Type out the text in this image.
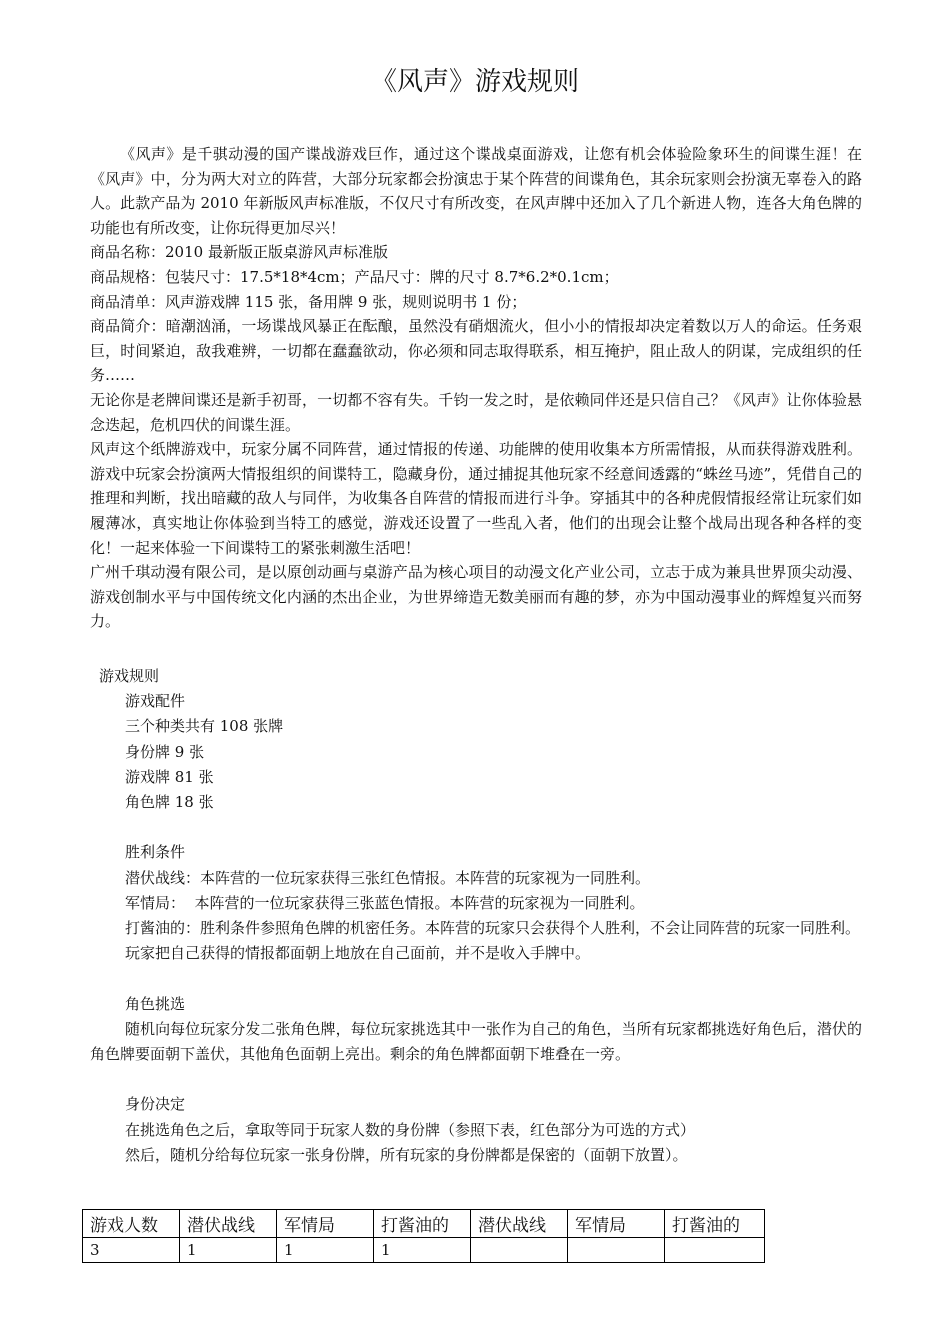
《风声》游戏规则

《风声》是千骐动漫的国产谍战游戏巨作，通过这个谍战桌面游戏，让您有机会体验险象环生的间谍生涯！在《风声》中，分为两大对立的阵营，大部分玩家都会扮演忠于某个阵营的间谍角色，其余玩家则会扮演无辜卷入的路人。此款产品为 2010 年新版风声标准版，不仅尺寸有所改变，在风声牌中还加入了几个新进人物，连各大角色牌的功能也有所改变，让你玩得更加尽兴！

商品名称：2010 最新版正版桌游风声标准版

商品规格：包装尺寸：17.5*18*4cm；产品尺寸：牌的尺寸 8.7*6.2*0.1cm；

商品清单：风声游戏牌 115 张，备用牌 9 张，规则说明书 1 份；

商品简介：暗潮汹涌，一场谍战风暴正在酝酿，虽然没有硝烟流火，但小小的情报却决定着数以万人的命运。任务艰巨，时间紧迫，敌我难辨，一切都在蠢蠢欲动，你必须和同志取得联系，相互掩护，阻止敌人的阴谋，完成组织的任务……

无论你是老牌间谍还是新手初哥，一切都不容有失。千钧一发之时，是依赖同伴还是只信自己？《风声》让你体验悬念迭起，危机四伏的间谍生涯。

风声这个纸牌游戏中，玩家分属不同阵营，通过情报的传递、功能牌的使用收集本方所需情报，从而获得游戏胜利。游戏中玩家会扮演两大情报组织的间谍特工，隐藏身份，通过捕捉其他玩家不经意间透露的“蛛丝马迹”，凭借自己的推理和判断，找出暗藏的敌人与同伴，为收集各自阵营的情报而进行斗争。穿插其中的各种虎假情报经常让玩家们如履薄冰，真实地让你体验到当特工的感觉，游戏还设置了一些乱入者，他们的出现会让整个战局出现各种各样的变化！一起来体验一下间谍特工的紧张刺激生活吧！

广州千琪动漫有限公司，是以原创动画与桌游产品为核心项目的动漫文化产业公司，立志于成为兼具世界顶尖动漫、游戏创制水平与中国传统文化内涵的杰出企业，为世界缔造无数美丽而有趣的梦，亦为中国动漫事业的辉煌复兴而努力。

游戏规则

游戏配件

三个种类共有 108 张牌

身份牌 9 张

游戏牌 81 张

角色牌 18 张

胜利条件

潜伏战线：本阵营的一位玩家获得三张红色情报。本阵营的玩家视为一同胜利。

军情局：  本阵营的一位玩家获得三张蓝色情报。本阵营的玩家视为一同胜利。

打酱油的：胜利条件参照角色牌的机密任务。本阵营的玩家只会获得个人胜利，不会让同阵营的玩家一同胜利。

玩家把自己获得的情报都面朝上地放在自己面前，并不是收入手牌中。

角色挑选

随机向每位玩家分发二张角色牌，每位玩家挑选其中一张作为自己的角色，当所有玩家都挑选好角色后，潜伏的角色牌要面朝下盖伏，其他角色面朝上亮出。剩余的角色牌都面朝下堆叠在一旁。

身份决定

在挑选角色之后，拿取等同于玩家人数的身份牌（参照下表，红色部分为可选的方式）

然后，随机分给每位玩家一张身份牌，所有玩家的身份牌都是保密的（面朝下放置）。

游戏人数	潜伏战线	军情局	打酱油的	潜伏战线	军情局	打酱油的
3	1	1	1			
